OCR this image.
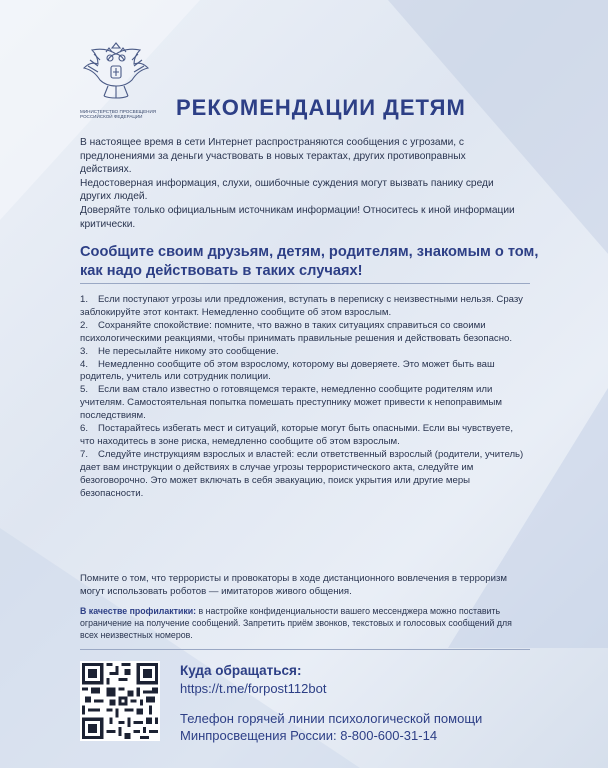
МИНИСТЕРСТВО ПРОСВЕЩЕНИЯ РОССИЙСКОЙ ФЕДЕРАЦИИ	РЕКОМЕНДАЦИИ ДЕТЯМ

В настоящее время в сети Интернет распространяются сообщения с угрозами, с предлонениями за деньги участвовать в новых терактах, других противоправных действиях.

Недостоверная информация, слухи, ошибочные суждения могут вызвать панику среди других людей.

Доверяйте только официальным источникам информации! Относитесь к иной информации критически.

Сообщите своим друзьям, детям, родителям, знакомым о том, как надо действовать в таких случаях!
1. Если поступают угрозы или предложения, вступать в переписку с неизвестными нельзя. Сразу заблокируйте этот контакт. Немедленно сообщите об этом взрослым.
2. Сохраняйте спокойствие: помните, что важно в таких ситуациях справиться со своими психологическими реакциями, чтобы принимать правильные решения и действовать безопасно.
3. Не пересылайте никому это сообщение.
4. Немедленно сообщите об этом взрослому, которому вы доверяете. Это может быть ваш родитель, учитель или сотрудник полиции.
5. Если вам стало известно о готовящемся теракте, немедленно сообщите родителям или учителям. Самостоятельная попытка помешать преступнику может привести к непоправимым последствиям.
6. Постарайтесь избегать мест и ситуаций, которые могут быть опасными. Если вы чувствуете, что находитесь в зоне риска, немедленно сообщите об этом взрослым.
7. Следуйте инструкциям взрослых и властей: если ответственный взрослый (родители, учитель) дает вам инструкции о действиях в случае угрозы террористического акта, следуйте им безоговорочно. Это может включать в себя эвакуацию, поиск укрытия или другие меры безопасности.
Помните о том, что террористы и провокаторы в ходе дистанционного вовлечения в терроризм могут использовать роботов — имитаторов живого общения.
В качестве профилактики: в настройке конфиденциальности вашего мессенджера можно поставить ограничение на получение сообщений. Запретить приём звонков, текстовых и голосовых сообщений для всех неизвестных номеров.
Куда обращаться:
https://t.me/forpost112bot
Телефон горячей линии психологической помощи Минпросвещения России: 8-800-600-31-14
